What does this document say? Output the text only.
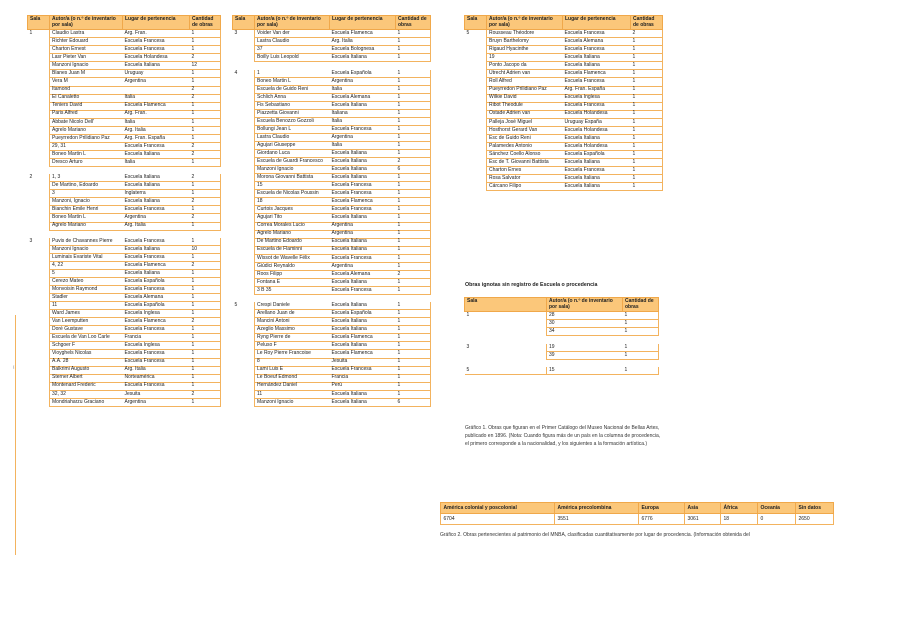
Sala	Autor/a (o n.º de inventario por sala)	Lugar de pertenencia	Cantidad de obras
1	Claudio Lastra	Arg. Fran.	1
	Richter Edouard	Escuela Francesa	1
	Charton Ernest	Escuela Francesa	1
	Lasr Pieter Van	Escuela Holandesa	2
	Manzoni Ignacio	Escuela Italiana	12
	Blanes Juan M	Uruguay	1
	Vera M	Argentina	1
	Itamond		2
	El Canaletto	Italia	2
	Teniers David	Escuela Flamenca	1
	Paris Alfred	Arg. Fran.	1
	Abbate Nicolo Dell'	Italia	1
	Agrelo Mariano	Arg. Italia	1
	Pueyrredon Prilidiano Paz	Arg. Fran. España	1
	29, 31	Escuela Francesa	2
	Boneo Martin L	Escuela Italiana	2
	Dresco Arturo	Italia	1

2	1, 3	Escuela Italiana	2
	De Martino, Edoardo	Escuela Italiana	1
	3	Inglaterra	1
	Manzoni, Ignacio	Escuela Italiana	2
	Bianchin Emile Henri	Escuela Francesa	1
	Boneo Martin L	Argentina	2
	Agrelo Mariano	Arg. Italia	1

3	Puvis de Chavannes Pierre	Escuela Francesa	1
	Manzoni Ignacio	Escuela Italiana	10
	Luminais Evariste Vital	Escuela Francesa	1
	4, 22	Escuela Flamenca	2
	5	Escuela Italiana	1
	Cerezo Mateo	Escuela Española	1
	Monvoisin Raymond	Escuela Francesa	1
	Stadler	Escuela Alemana	1
	11	Escuela Española	1
	Ward James	Escuela Inglesa	1
	Van Leemputten	Escuela Flamenca	2
	Doré Gustave	Escuela Francesa	1
	Escuela de Van Loo Carle	Francia	1
	Schgoer F	Escuela Inglesa	1
	Vioyghels Nicolas	Escuela Francesa	1
	A.A. 28	Escuela Francesa	1
	Balkrimi Augusto	Arg. Italia	1
	Sterner Albert	Norteamérica	1
	Montenard Frederic	Escuela Francesa	1
	32, 32	Jesuita	2
	Mondriaharzu Graciano	Argentina	1
Sala	Autor/a (o n.º de inventario por sala)	Lugar de pertenencia	Cantidad de obras
3	Voider Van der	Escuela Flamenca	1
	Lastra Claudio	Arg. Italia	1
	37	Escuela Bolognesa	1
	Boilly Luis Leopold	Escuela Italiana	1

4	1	Escuela Española	1
	Boneo Martin L	Argentina	1
	Escuela de Guido Reni	Italia	1
	Schlich Anna	Escuela Alemana	1
	Fis Sebastiano	Escuela Italiana	1
	Piazzetta Giovanni	Italiana	1
	Escuela Benozzo Gozzoli	Italia	1
	Bollungi Jean L	Escuela Francesa	1
	Lastra Claudio	Argentina	1
	Agujari Giuseppe	Italia	1
	Giordano Luca	Escuela Italiana	1
	Escuela de Guardi Francesco	Escuela Italiana	2
	Manzoni Ignacio	Escuela Italiana	6
	Morona Giovanni Battista	Escuela Italiana	1
	15	Escuela Francesa	1
	Escuela de Nicolas Poussin	Escuela Francesa	1
	18	Escuela Flamenca	1
	Curtois Jacques	Escuela Francesa	1
	Agujari Tito	Escuela Italiana	1
	Correa Morales Lucio	Argentina	1
	Agrelo Mariano	Argentina	1
	De Martino Edoardo	Escuela Italiana	1
	Escuela de Flaminni	Escuela Italiana	1
	Wissot de Wavelle Félix	Escuela Francesa	1
	Giúdici Reynaldo	Argentina	1
	Roos Filipp	Escuela Alemana	2
	Fontana E	Escuela Italiana	1
	3 B 35	Escuela Francesa	1

5	Crespi Daniele	Escuela Italiana	1
	Arellano Juan de	Escuela Española	1
	Mancini Antoni	Escuela Italiana	1
	Azeglio Massimo	Escuela Italiana	1
	Ryng Pierre de	Escuela Flamenca	1
	Peluso F	Escuela Italiana	1
	Le Roy Pierre Francoise	Escuela Flamenca	1
	8	Jesuita	1
	Lami Luis E	Escuela Francesa	1
	Le Boeuf Edmond	Francia	1
	Hernández Daniel	Perú	1
	11	Escuela Italiana	1
	Manzoni Ignacio	Escuela Italiana	6
Sala	Autor/a (o n.º de inventario por sala)	Lugar de pertenencia	Cantidad de obras
5	Rousseau Théodore	Escuela Francesa	2
	Bruyn Barthelomy	Escuela Alemana	1
	Rigaud Hyacinthe	Escuela Francesa	1
	19	Escuela Italiana	1
	Ponto Jacopo da	Escuela Italiana	1
	Utrecht Adrien van	Escuela Flamenca	1
	Roll Alfred	Escuela Francesa	1
	Pueyrredon Prilidiano Paz	Arg. Fran. España	1
	Wilkie David	Escuela Inglesa	1
	Ribot Theodule	Escuela Francesa	1
	Ostade Adrien van	Escuela Holandesa	1
	Palleja José Miguel	Uruguay España	1
	Hosthorst Gerard Van	Escuela Holandesa	1
	Esc de Guido Reni	Escuela Italiana	1
	Palamedes Antonio	Escuela Holandesa	1
	Sánchez Coello Alonso	Escuela Española	1
	Esc de T. Giovanni Battista	Escuela Italiana	1
	Charton Ernes	Escuela Francesa	1
	Rosa Salvator	Escuela Italiana	1
	Cárcano Filipo	Escuela Italiana	1
¡
Obras ignotas sin registro de Escuela o procedencia
Sala	Autor/a (o n.º de inventario por sala)	Cantidad de obras
1	28	1
	30	1
	34	1

3	19	1
	39	1

5	15	1
Gráfico 1. Obras que figuran en el Primer Catálogo del Museo Nacional de Bellas Artes, publicado en 1896. (Nota: Cuando figura más de un país en la columna de procedencia, el primero corresponde a la nacionalidad, y los siguientes a la formación artística.)
América colonial y poscolonial	América precolombina	Europa	Asia	África	Oceanía	Sin datos
6704	3551	6776	3061	18	0	2650
Gráfico 2. Obras pertenecientes al patrimonio del MNBA, clasificadas cuantitativamente por lugar de procedencia. (Información obtenida del
